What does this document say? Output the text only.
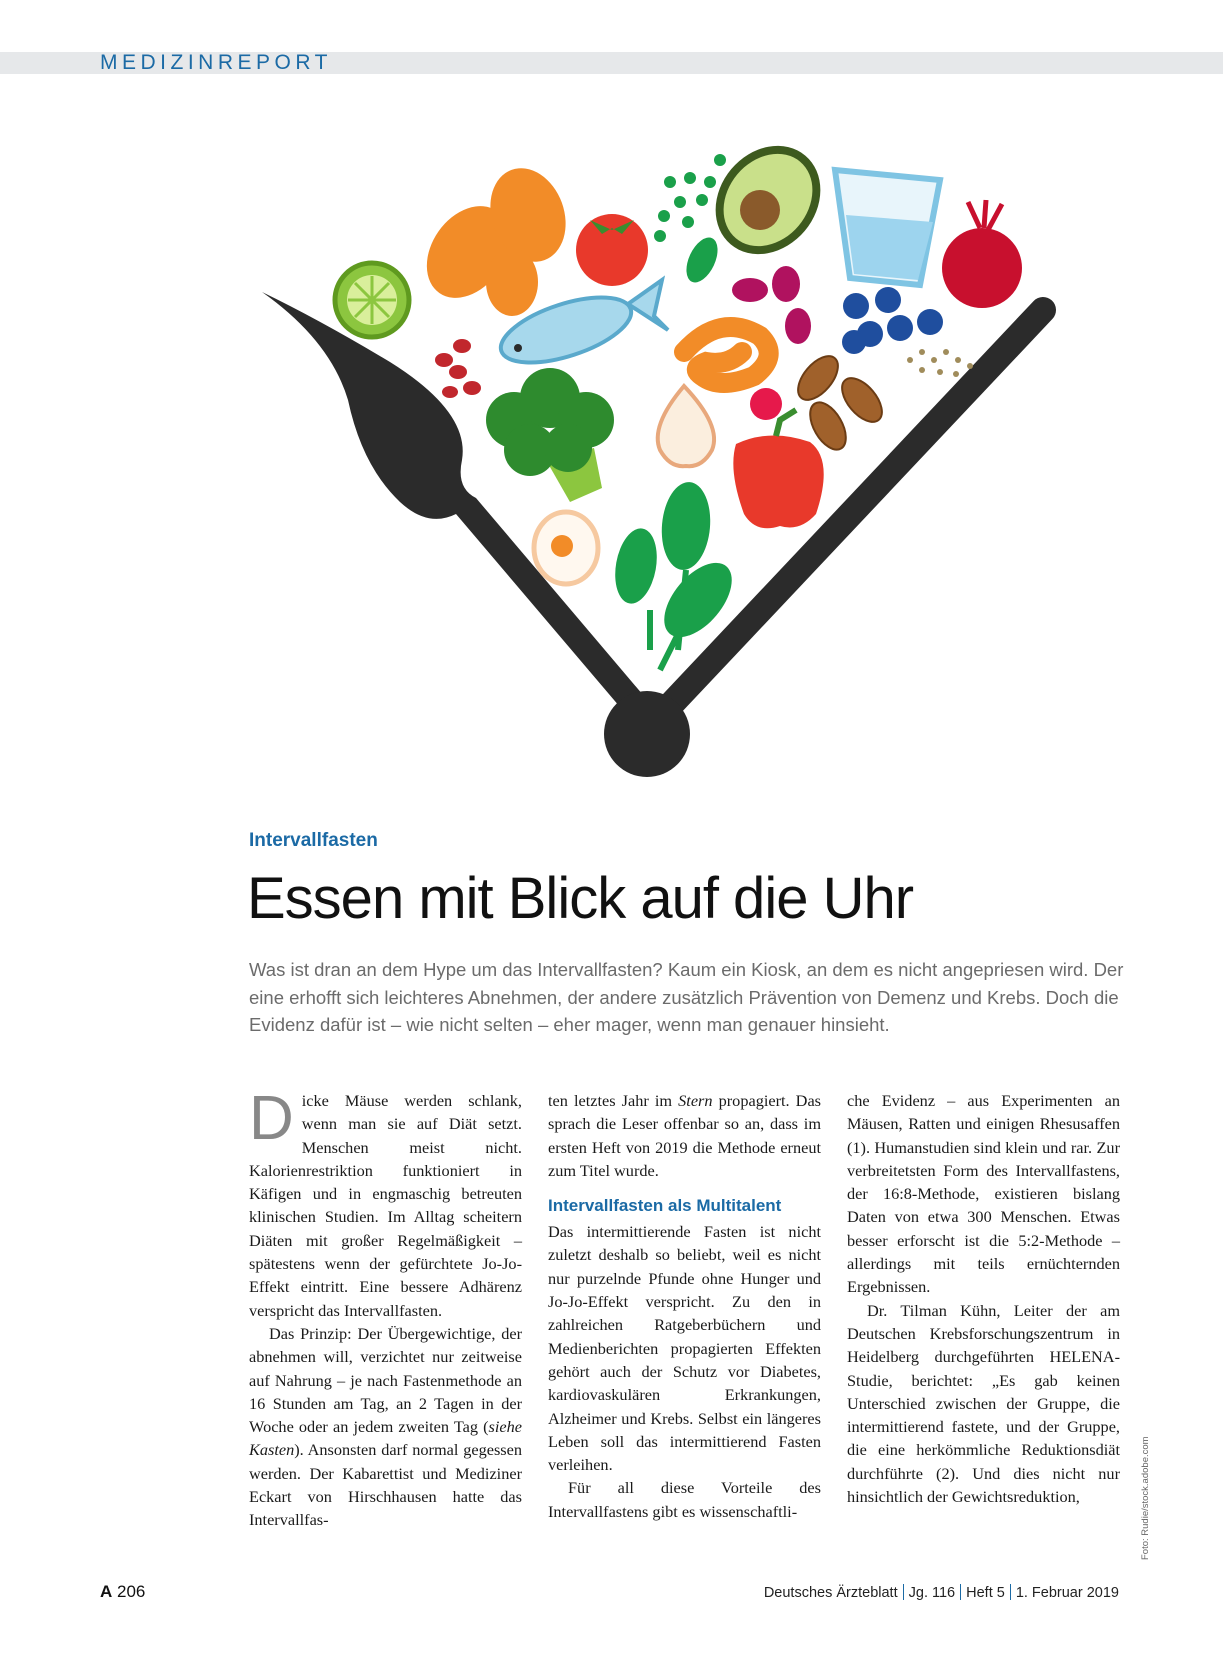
MEDIZINREPORT
Intervallfasten
Essen mit Blick auf die Uhr
Was ist dran an dem Hype um das Intervallfasten? Kaum ein Kiosk, an dem es nicht angepriesen wird. Der eine erhofft sich leichteres Abnehmen, der andere zusätzlich Prävention von Demenz und Krebs. Doch die Evidenz dafür ist – wie nicht selten – eher mager, wenn man genauer hinsieht.

Dicke Mäuse werden schlank, wenn man sie auf Diät setzt. Menschen meist nicht. Kalorienrestriktion funktioniert in Käfigen und in engmaschig betreuten klinischen Studien. Im Alltag scheitern Diäten mit großer Regelmäßigkeit – spätestens wenn der gefürchtete Jo-Jo-Effekt eintritt. Eine bessere Adhärenz verspricht das Intervallfasten.

Das Prinzip: Der Übergewichtige, der abnehmen will, verzichtet nur zeitweise auf Nahrung – je nach Fastenmethode an 16 Stunden am Tag, an 2 Tagen in der Woche oder an jedem zweiten Tag (siehe Kasten). Ansonsten darf normal gegessen werden. Der Kabarettist und Mediziner Eckart von Hirschhausen hatte das Intervallfas-

ten letztes Jahr im Stern propagiert. Das sprach die Leser offenbar so an, dass im ersten Heft von 2019 die Methode erneut zum Titel wurde.

Intervallfasten als Multitalent

Das intermittierende Fasten ist nicht zuletzt deshalb so beliebt, weil es nicht nur purzelnde Pfunde ohne Hunger und Jo-Jo-Effekt verspricht. Zu den in zahlreichen Ratgeberbüchern und Medienberichten propagierten Effekten gehört auch der Schutz vor Diabetes, kardiovaskulären Erkrankungen, Alzheimer und Krebs. Selbst ein längeres Leben soll das intermittierend Fasten verleihen.

Für all diese Vorteile des Intervallfastens gibt es wissenschaftli-

che Evidenz – aus Experimenten an Mäusen, Ratten und einigen Rhesusaffen (1). Humanstudien sind klein und rar. Zur verbreitetsten Form des Intervallfastens, der 16:8-Methode, existieren bislang Daten von etwa 300 Menschen. Etwas besser erforscht ist die 5:2-Methode – allerdings mit teils ernüchternden Ergebnissen.

Dr. Tilman Kühn, Leiter der am Deutschen Krebsforschungszentrum in Heidelberg durchgeführten HELENA-Studie, berichtet: „Es gab keinen Unterschied zwischen der Gruppe, die intermittierend fastete, und der Gruppe, die eine herkömmliche Reduktionsdiät durchführte (2). Und dies nicht nur hinsichtlich der Gewichtsreduktion,	Foto: Rudie/stock.adobe.com
A 206	Deutsches Ärzteblatt Jg. 116 Heft 5 1. Februar 2019
